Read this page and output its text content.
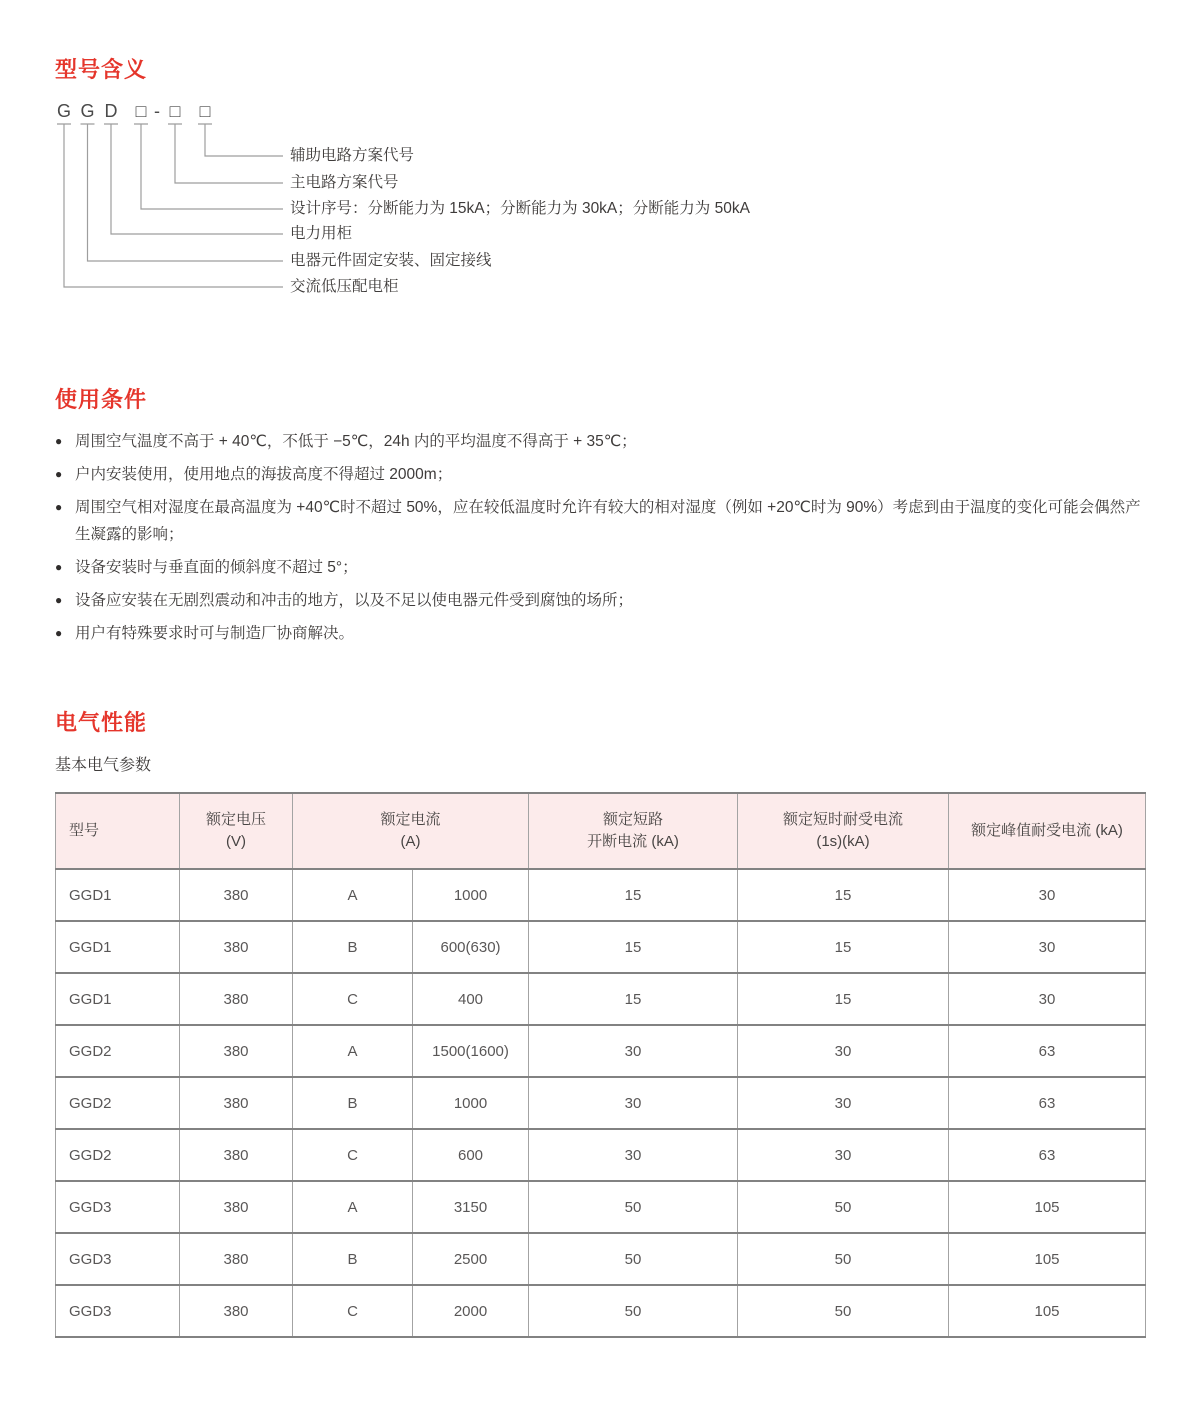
型号含义
G G D □ - □ □
辅助电路方案代号
主电路方案代号
设计序号：分断能力为 15kA；分断能力为 30kA；分断能力为 50kA
电力用柜
电器元件固定安装、固定接线
交流低压配电柜
使用条件
● 周围空气温度不高于 + 40℃，不低于 −5℃，24h 内的平均温度不得高于 + 35℃；
● 户内安装使用，使用地点的海拔高度不得超过 2000m；
● 周围空气相对湿度在最高温度为 +40℃时不超过 50%，应在较低温度时允许有较大的相对湿度（例如 +20℃时为 90%）考虑到由于温度的变化可能会偶然产生凝露的影响；
● 设备安装时与垂直面的倾斜度不超过 5°；
● 设备应安装在无剧烈震动和冲击的地方，以及不足以使电器元件受到腐蚀的场所；
● 用户有特殊要求时可与制造厂协商解决。
电气性能
基本电气参数
型号

额定电压
(V)

额定电流
(A)

额定短路
开断电流 (kA)

额定短时耐受电流
(1s)(kA)

额定峰值耐受电流 (kA)

GGD1	380	A	1000	15	15	30
GGD1	380	B	600(630)	15	15	30
GGD1	380	C	400	15	15	30
GGD2	380	A	1500(1600)	30	30	63
GGD2	380	B	1000	30	30	63
GGD2	380	C	600	30	30	63
GGD3	380	A	3150	50	50	105
GGD3	380	B	2500	50	50	105
GGD3	380	C	2000	50	50	105
